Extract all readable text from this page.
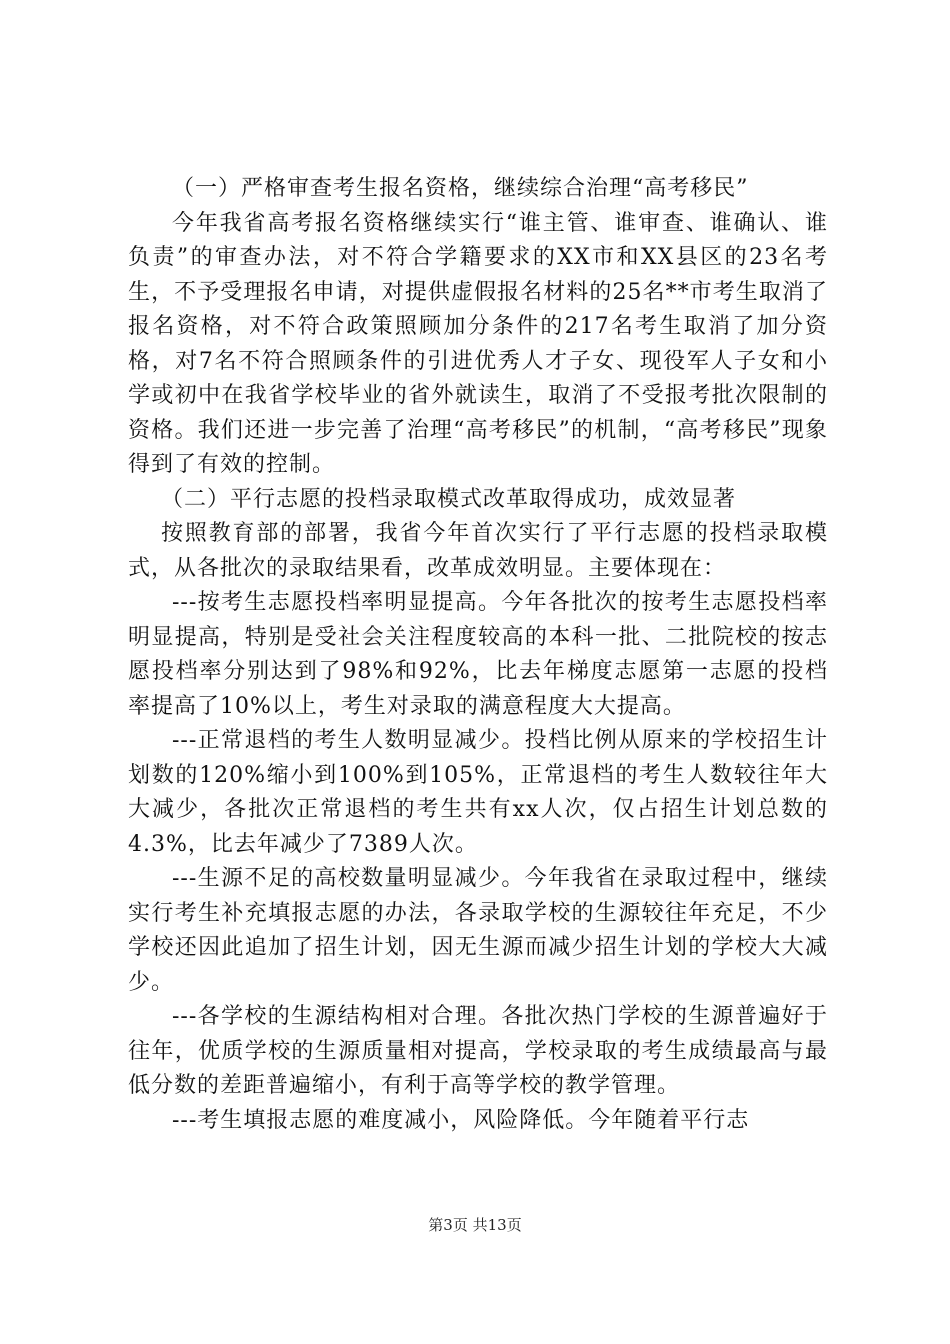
（一）严格审查考生报名资格，继续综合治理“高考移民”

今年我省高考报名资格继续实行“谁主管、谁审查、谁确认、谁负责”的审查办法，对不符合学籍要求的XX市和XX县区的23名考生，不予受理报名申请，对提供虚假报名材料的25名**市考生取消了报名资格，对不符合政策照顾加分条件的217名考生取消了加分资格，对7名不符合照顾条件的引进优秀人才子女、现役军人子女和小学或初中在我省学校毕业的省外就读生，取消了不受报考批次限制的资格。我们还进一步完善了治理“高考移民”的机制，“高考移民”现象得到了有效的控制。

（二）平行志愿的投档录取模式改革取得成功，成效显著

按照教育部的部署，我省今年首次实行了平行志愿的投档录取模式，从各批次的录取结果看，改革成效明显。主要体现在：

---按考生志愿投档率明显提高。今年各批次的按考生志愿投档率明显提高，特别是受社会关注程度较高的本科一批、二批院校的按志愿投档率分别达到了98%和92%，比去年梯度志愿第一志愿的投档率提高了10%以上，考生对录取的满意程度大大提高。

---正常退档的考生人数明显减少。投档比例从原来的学校招生计划数的120%缩小到100%到105%，正常退档的考生人数较往年大大减少，各批次正常退档的考生共有xx人次，仅占招生计划总数的4.3%，比去年减少了7389人次。

---生源不足的高校数量明显减少。今年我省在录取过程中，继续实行考生补充填报志愿的办法，各录取学校的生源较往年充足，不少学校还因此追加了招生计划，因无生源而减少招生计划的学校大大减少。

---各学校的生源结构相对合理。各批次热门学校的生源普遍好于往年，优质学校的生源质量相对提高，学校录取的考生成绩最高与最低分数的差距普遍缩小，有利于高等学校的教学管理。

---考生填报志愿的难度减小，风险降低。今年随着平行志

第3页 共13页
